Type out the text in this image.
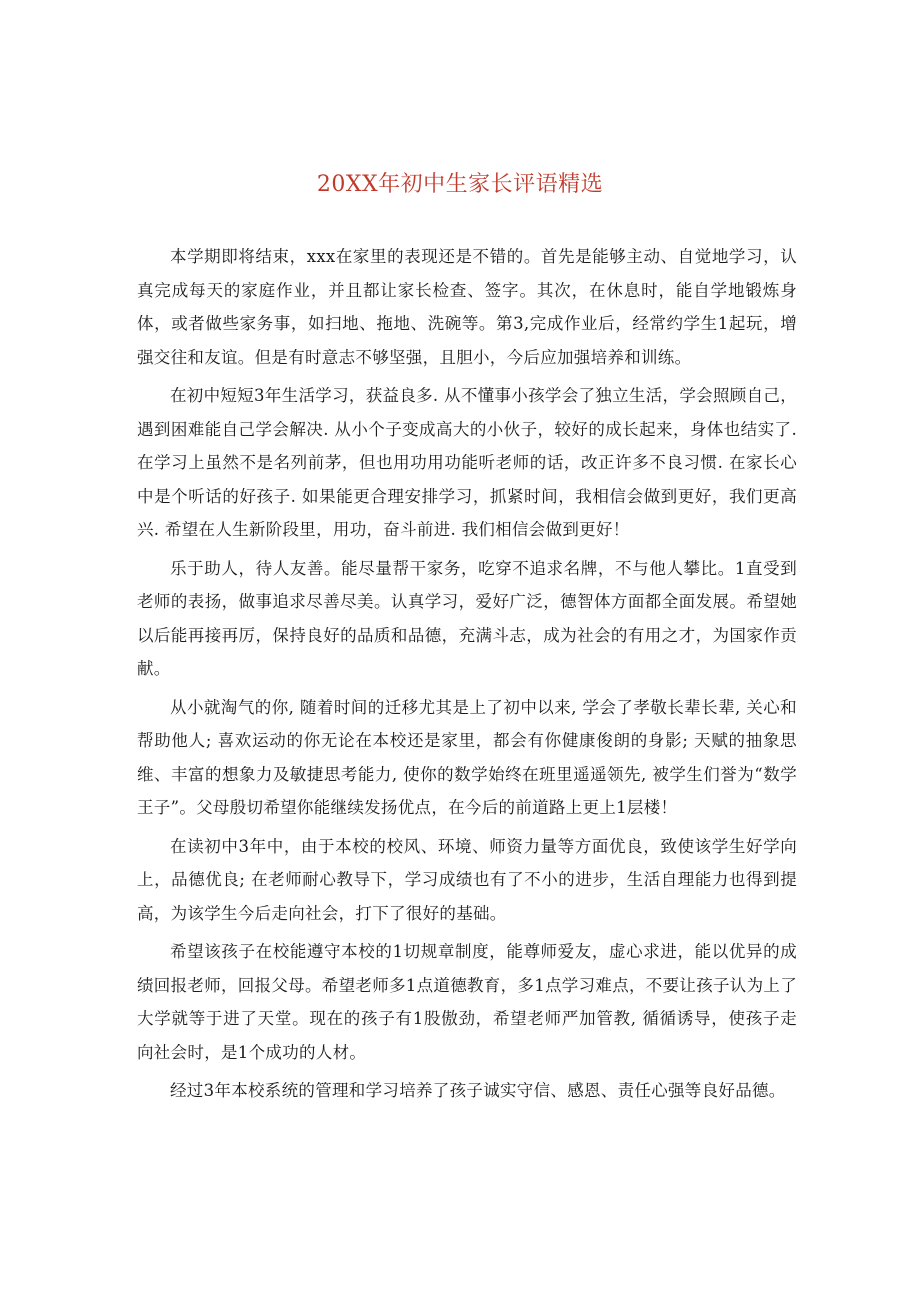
20XX年初中生家长评语精选

本学期即将结束，xxx在家里的表现还是不错的。首先是能够主动、自觉地学习，认真完成每天的家庭作业，并且都让家长检查、签字。其次，在休息时，能自学地锻炼身体，或者做些家务事，如扫地、拖地、洗碗等。第3,完成作业后，经常约学生1起玩，增强交往和友谊。但是有时意志不够坚强，且胆小，今后应加强培养和训练。

在初中短短3年生活学习，获益良多. 从不懂事小孩学会了独立生活，学会照顾自己，遇到困难能自己学会解决. 从小个子变成高大的小伙子，较好的成长起来，身体也结实了. 在学习上虽然不是名列前茅，但也用功用功能听老师的话，改正许多不良习惯. 在家长心中是个听话的好孩子. 如果能更合理安排学习，抓紧时间，我相信会做到更好，我们更高兴. 希望在人生新阶段里，用功，奋斗前进. 我们相信会做到更好！

乐于助人，待人友善。能尽量帮干家务，吃穿不追求名牌，不与他人攀比。1直受到老师的表扬，做事追求尽善尽美。认真学习，爱好广泛，德智体方面都全面发展。希望她以后能再接再厉，保持良好的品质和品德，充满斗志，成为社会的有用之才，为国家作贡献。

从小就淘气的你, 随着时间的迁移尤其是上了初中以来, 学会了孝敬长辈长辈, 关心和帮助他人; 喜欢运动的你无论在本校还是家里，都会有你健康俊朗的身影; 天赋的抽象思维、丰富的想象力及敏捷思考能力, 使你的数学始终在班里遥遥领先, 被学生们誉为“数学王子”。父母殷切希望你能继续发扬优点，在今后的前道路上更上1层楼！

在读初中3年中，由于本校的校风、环境、师资力量等方面优良，致使该学生好学向上，品德优良; 在老师耐心教导下，学习成绩也有了不小的进步，生活自理能力也得到提高，为该学生今后走向社会，打下了很好的基础。

希望该孩子在校能遵守本校的1切规章制度，能尊师爱友，虚心求进，能以优异的成绩回报老师，回报父母。希望老师多1点道德教育，多1点学习难点，不要让孩子认为上了大学就等于进了天堂。现在的孩子有1股傲劲，希望老师严加管教, 循循诱导，使孩子走向社会时，是1个成功的人材。

经过3年本校系统的管理和学习培养了孩子诚实守信、感恩、责任心强等良好品德。
